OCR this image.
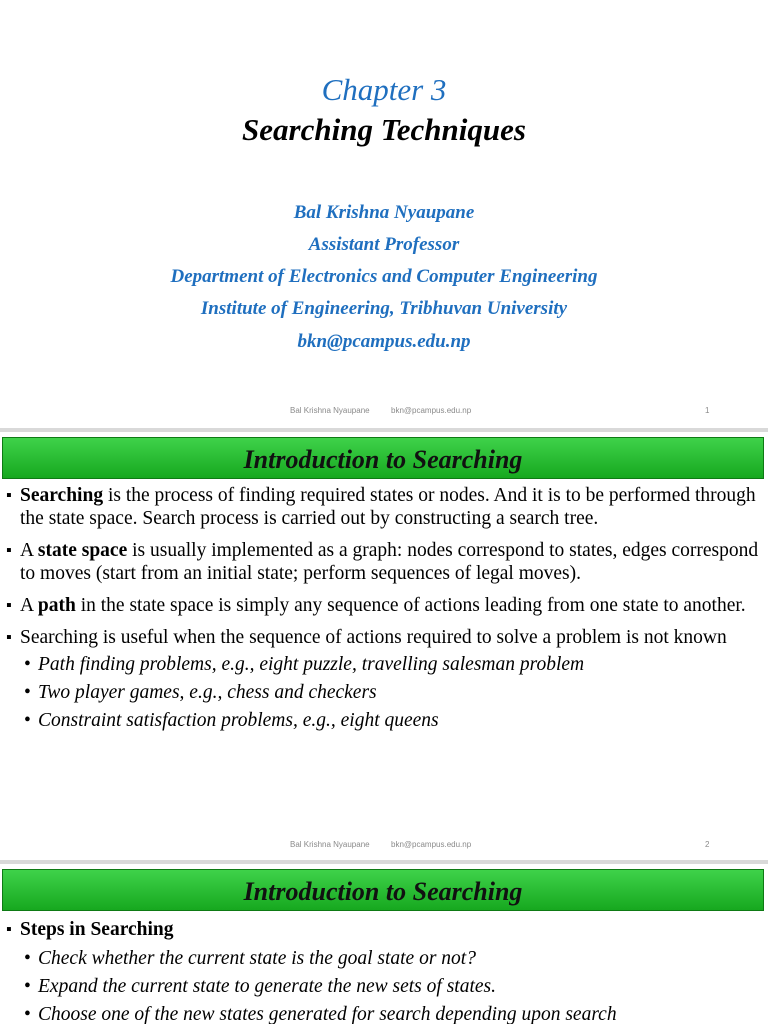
Chapter 3
Searching Techniques
Bal Krishna Nyaupane
Assistant Professor
Department of Electronics and Computer Engineering
Institute of Engineering, Tribhuvan University
bkn@pcampus.edu.np
Bal Krishna Nyaupane	bkn@pcampus.edu.np	1
Introduction to Searching
▪ Searching is the process of finding required states or nodes. And it is to be performed through the state space. Search process is carried out by constructing a search tree.
▪ A state space is usually implemented as a graph: nodes correspond to states, edges correspond to moves (start from an initial state; perform sequences of legal moves).
▪ A path in the state space is simply any sequence of actions leading from one state to another.
▪ Searching is useful when the sequence of actions required to solve a problem is not known
• Path finding problems, e.g., eight puzzle, travelling salesman problem
• Two player games, e.g., chess and checkers
• Constraint satisfaction problems, e.g., eight queens
Bal Krishna Nyaupane	bkn@pcampus.edu.np	2
Introduction to Searching
▪ Steps in Searching
• Check whether the current state is the goal state or not?
• Expand the current state to generate the new sets of states.
• Choose one of the new states generated for search depending upon search
